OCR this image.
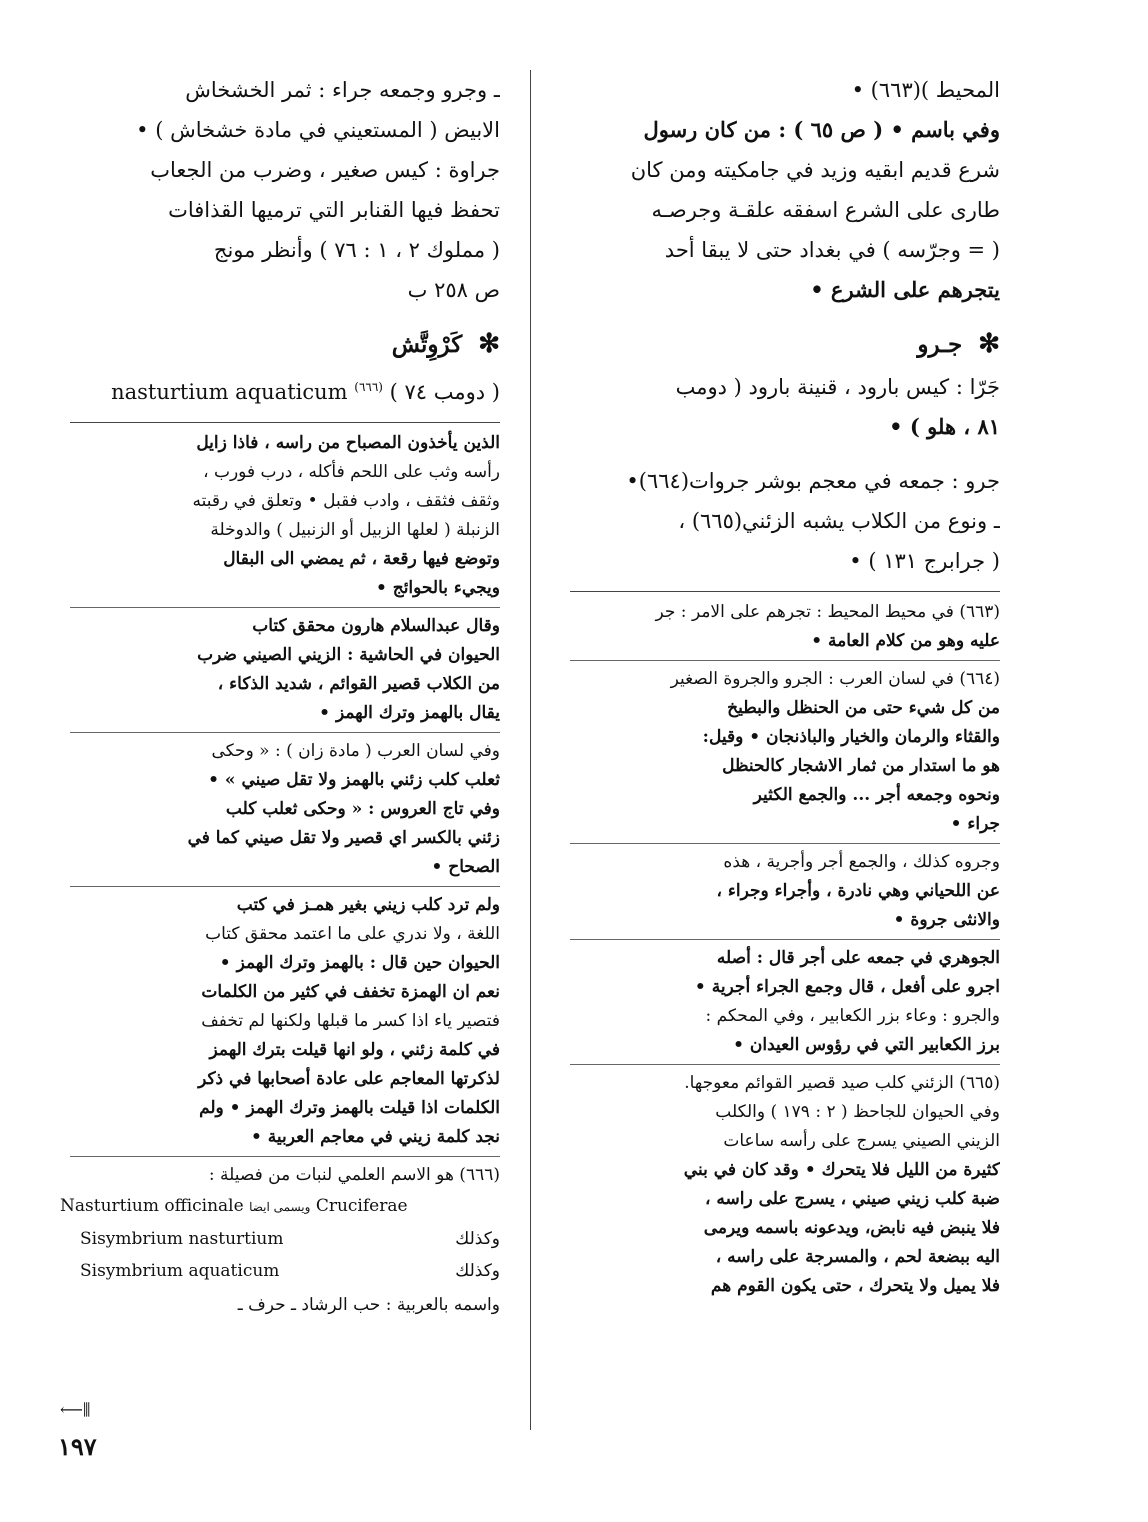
المحيط )(٦٦٣) •
وفي باسم • ( ص ٦٥ ) : من كان رسول
شرع قديم ابقيه وزيد في جامكيته ومن كان
طارى على الشرع اسفقه علقـة وجرصـه
( = وجرّسه ) في بغداد حتى لا يبقا أحد
يتجرهم على الشرع •
✻ جـرو
جَرّا : كيس بارود ، قنينة بارود ( دومب
٨١ ، هلو ) •
جرو : جمعه في معجم بوشر جروات(٦٦٤)•
ـ ونوع من الكلاب يشبه الزئني(٦٦٥) ،
( جرابرج ١٣١ ) •
(٦٦٣) في محيط المحيط : تجرهم على الامر : جر
عليه وهو من كلام العامة •
(٦٦٤) في لسان العرب : الجرو والجروة الصغير
من كل شيء حتى من الحنظل والبطيخ
والقثاء والرمان والخيار والباذنجان • وقيل:
هو ما استدار من ثمار الاشجار كالحنظل
ونحوه وجمعه أجر ... والجمع الكثير
جراء •
وجروه كذلك ، والجمع أجر وأجرية ، هذه
عن اللحياني وهي نادرة ، وأجراء وجراء ،
والانثى جروة •
الجوهري في جمعه على أجر قال : أصله
اجرو على أفعل ، قال وجمع الجراء أجرية •
والجرو : وعاء بزر الكعابير ، وفي المحكم :
برز الكعابير التي في رؤوس العيدان •
(٦٦٥) الزئني كلب صيد قصير القوائم معوجها.
وفي الحيوان للجاحظ ( ٢ : ١٧٩ ) والكلب
الزيني الصيني يسرج على رأسه ساعات
كثيرة من الليل فلا يتحرك • وقد كان في بني
ضبة كلب زيني صيني ، يسرج على راسه ،
فلا ينبض فيه نابض، ويدعونه باسمه ويرمى
اليه ببضعة لحم ، والمسرجة على راسه ،
فلا يميل ولا يتحرك ، حتى يكون القوم هم
ـ وجرو وجمعه جراء : ثمر الخشخاش
الابيض ( المستعيني في مادة خشخاش ) •
جراوة : كيس صغير ، وضرب من الجعاب
تحفظ فيها القنابر التي ترميها القذافات
( مملوك ٢ ، ١ : ٧٦ ) وأنظر مونج
ص ٢٥٨ ب
✻ كَرْوِتَّش
( دومب ٧٤ ) $^{(٦٦٦)}$ nasturtium aquaticum
الذين يأخذون المصباح من راسه ، فاذا زايل
رأسه وثب على اللحم فأكله ، درب فورب ،
وثقف فثقف ، وادب فقبل • وتعلق في رقبته
الزنبلة ( لعلها الزبيل أو الزنبيل ) والدوخلة
وتوضع فيها رقعة ، ثم يمضي الى البقال
ويجيء بالحوائج •
وقال عبدالسلام هارون محقق كتاب
الحيوان في الحاشية : الزيني الصيني ضرب
من الكلاب قصير القوائم ، شديد الذكاء ،
يقال بالهمز وترك الهمز •
وفي لسان العرب ( مادة زان ) : « وحكى
ثعلب كلب زئني بالهمز ولا تقل صيني » •
وفي تاج العروس : « وحكى ثعلب كلب
زئني بالكسر اي قصير ولا تقل صيني كما في
الصحاح •
ولم ترد كلب زيني بغير همـز في كتب
اللغة ، ولا ندري على ما اعتمد محقق كتاب
الحيوان حين قال : بالهمز وترك الهمز •
نعم ان الهمزة تخفف في كثير من الكلمات
فتصير ياء اذا كسر ما قبلها ولكنها لم تخفف
في كلمة زئني ، ولو انها قيلت بترك الهمز
لذكرتها المعاجم على عادة أصحابها في ذكر
الكلمات اذا قيلت بالهمز وترك الهمز • ولم
نجد كلمة زيني في معاجم العربية •
(٦٦٦) هو الاسم العلمي لنبات من فصيلة :
Nasturtium officinale ويسمى ايضا Cruciferae
وكذلك
Sisymbrium nasturtium
وكذلك
Sisymbrium aquaticum
واسمه بالعربية : حب الرشاد ـ حرف ـ
⟵⫼
١٩٧
